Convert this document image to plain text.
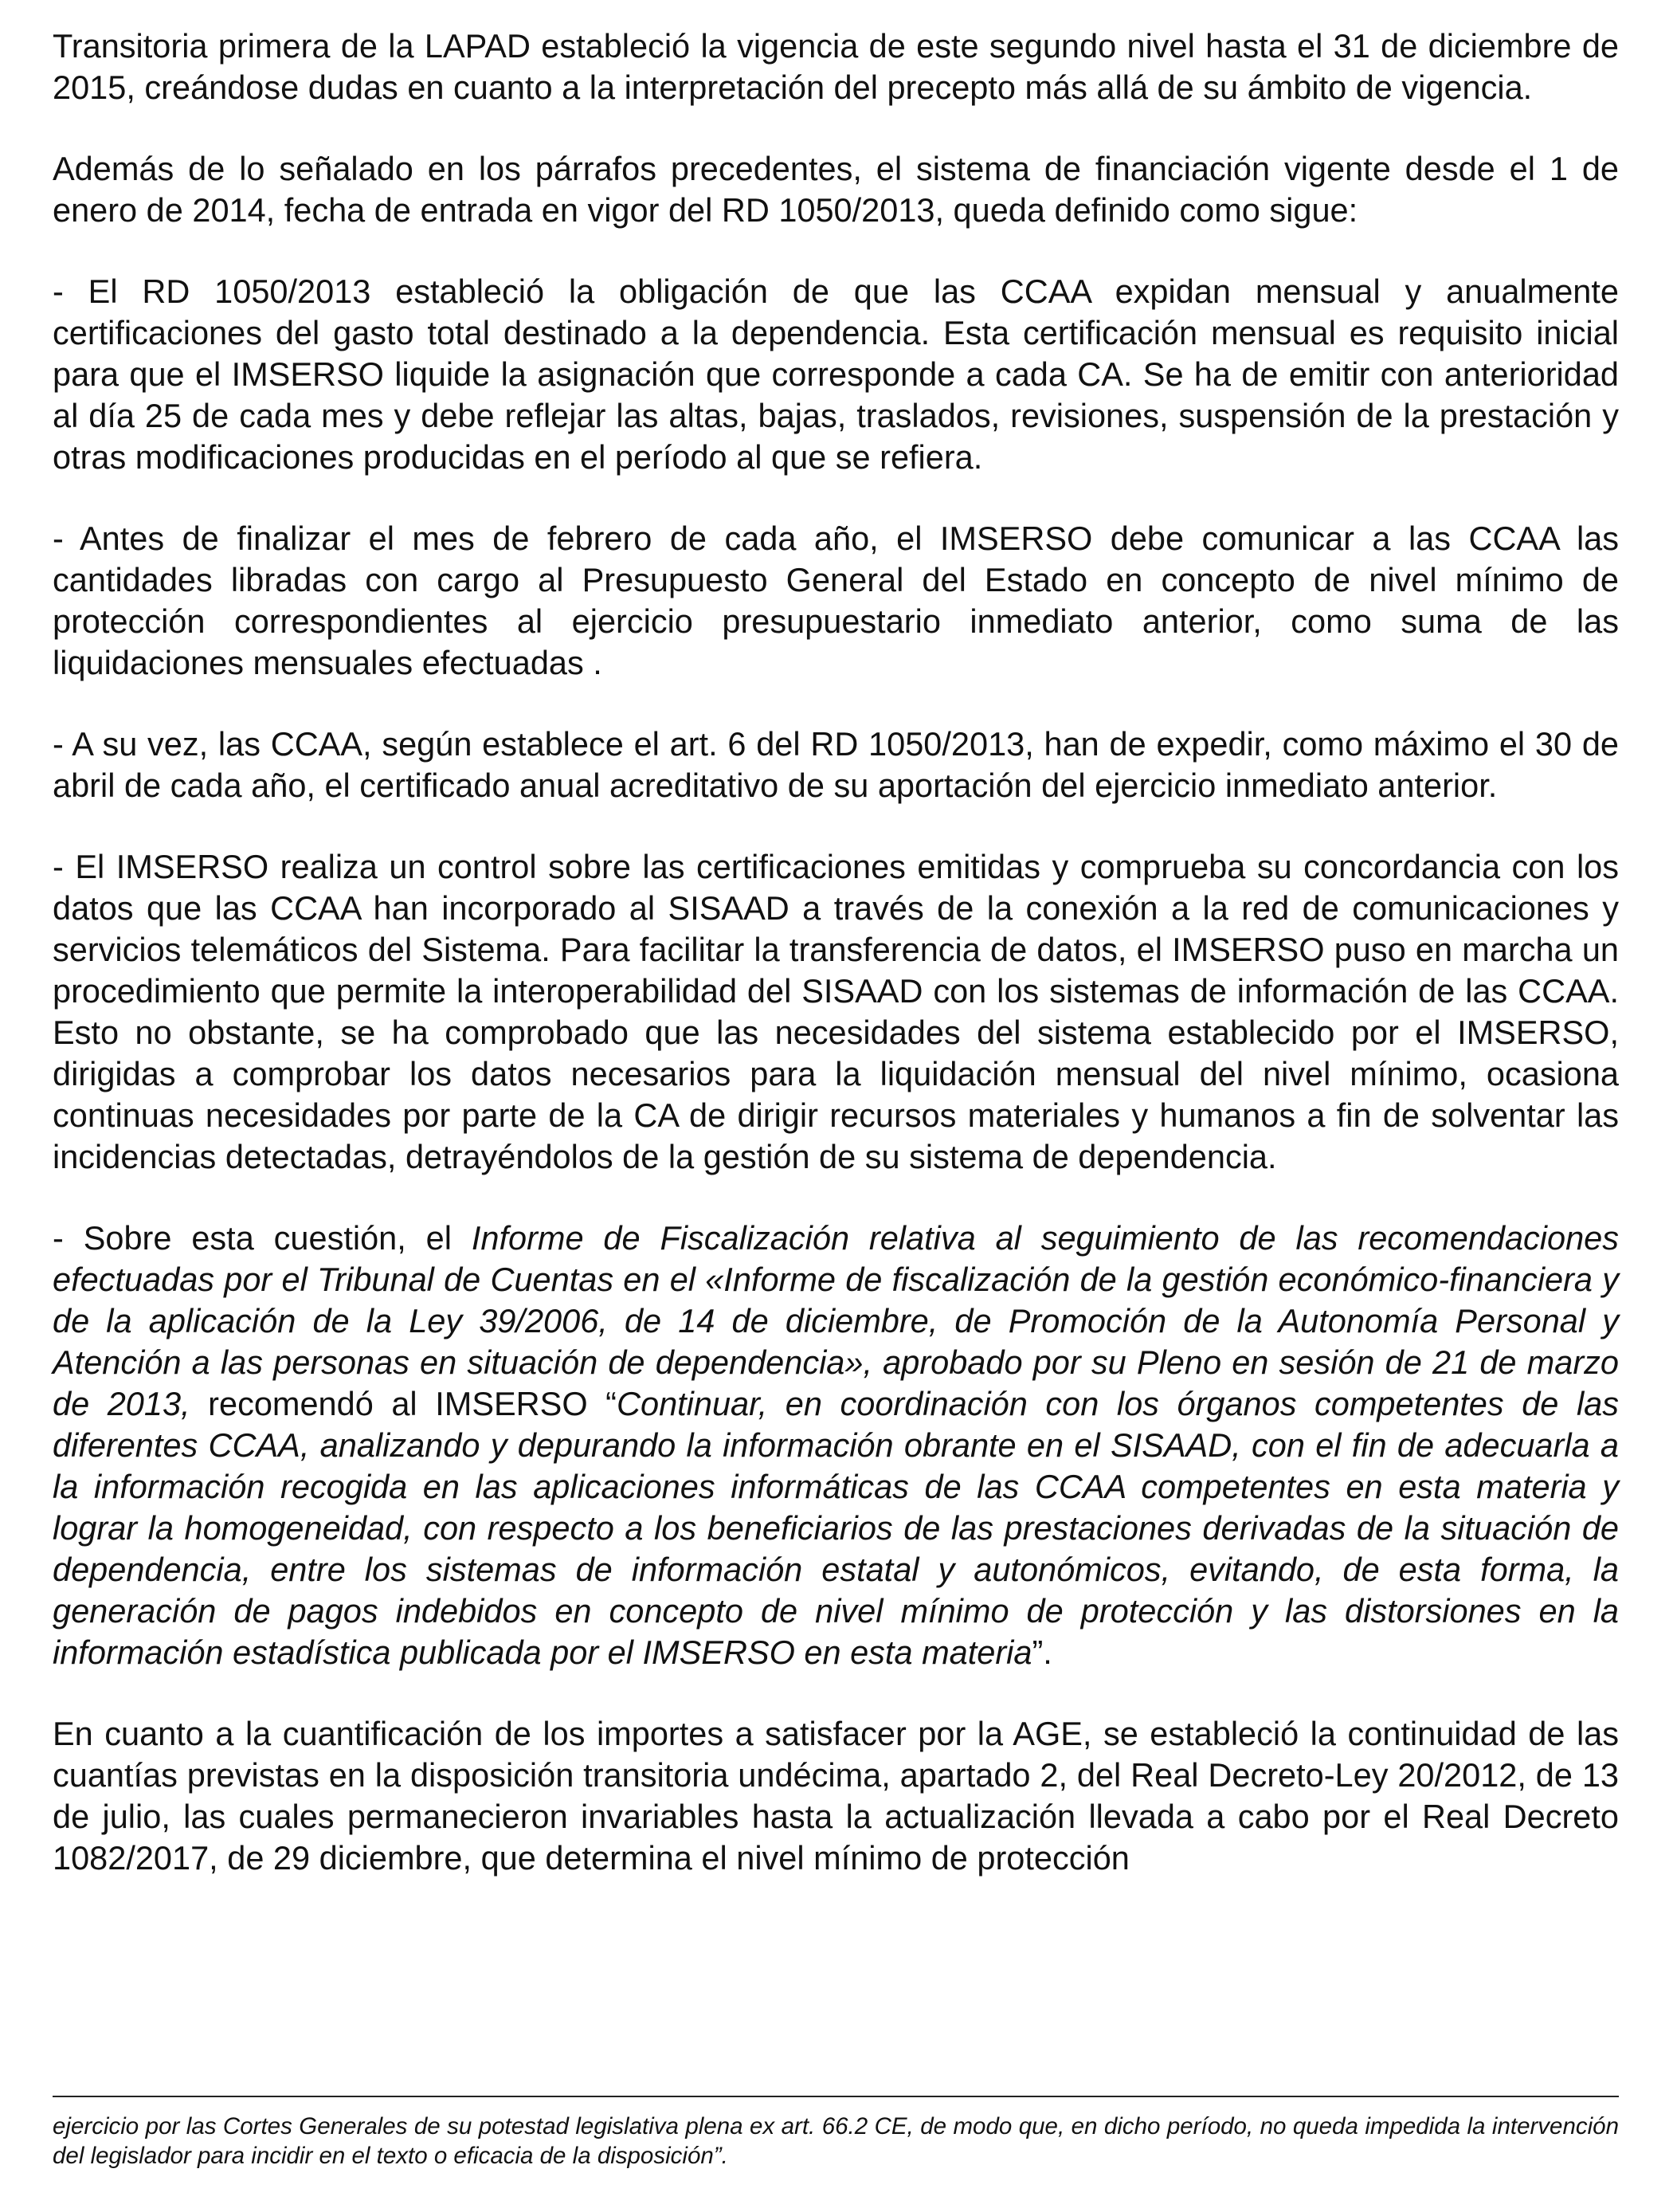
Transitoria primera de la LAPAD estableció la vigencia de este segundo nivel hasta el 31 de diciembre de 2015, creándose dudas en cuanto a la interpretación del precepto más allá de su ámbito de vigencia.

Además de lo señalado en los párrafos precedentes, el sistema de financiación vigente desde el 1 de enero de 2014, fecha de entrada en vigor del RD 1050/2013, queda definido como sigue:

- El RD 1050/2013 estableció la obligación de que las CCAA expidan mensual y anualmente certificaciones del gasto total destinado a la dependencia. Esta certificación mensual es requisito inicial para que el IMSERSO liquide la asignación que corresponde a cada CA. Se ha de emitir con anterioridad al día 25 de cada mes y debe reflejar las altas, bajas, traslados, revisiones, suspensión de la prestación y otras modificaciones producidas en el período al que se refiera.

- Antes de finalizar el mes de febrero de cada año, el IMSERSO debe comunicar a las CCAA las cantidades libradas con cargo al Presupuesto General del Estado en concepto de nivel mínimo de protección correspondientes al ejercicio presupuestario inmediato anterior, como suma de las liquidaciones mensuales efectuadas .

- A su vez, las CCAA, según establece el art. 6 del RD 1050/2013, han de expedir, como máximo el 30 de abril de cada año, el certificado anual acreditativo de su aportación del ejercicio inmediato anterior.

- El IMSERSO realiza un control sobre las certificaciones emitidas y comprueba su concordancia con los datos que las CCAA han incorporado al SISAAD a través de la conexión a la red de comunicaciones y servicios telemáticos del Sistema. Para facilitar la transferencia de datos, el IMSERSO puso en marcha un procedimiento que permite la interoperabilidad del SISAAD con los sistemas de información de las CCAA. Esto no obstante, se ha comprobado que las necesidades del sistema establecido por el IMSERSO, dirigidas a comprobar los datos necesarios para la liquidación mensual del nivel mínimo, ocasiona continuas necesidades por parte de la CA de dirigir recursos materiales y humanos a fin de solventar las incidencias detectadas, detrayéndolos de la gestión de su sistema de dependencia.

- Sobre esta cuestión, el Informe de Fiscalización relativa al seguimiento de las recomendaciones efectuadas por el Tribunal de Cuentas en el «Informe de fiscalización de la gestión económico-financiera y de la aplicación de la Ley 39/2006, de 14 de diciembre, de Promoción de la Autonomía Personal y Atención a las personas en situación de dependencia», aprobado por su Pleno en sesión de 21 de marzo de 2013, recomendó al IMSERSO “Continuar, en coordinación con los órganos competentes de las diferentes CCAA, analizando y depurando la información obrante en el SISAAD, con el fin de adecuarla a la información recogida en las aplicaciones informáticas de las CCAA competentes en esta materia y lograr la homogeneidad, con respecto a los beneficiarios de las prestaciones derivadas de la situación de dependencia, entre los sistemas de información estatal y autonómicos, evitando, de esta forma, la generación de pagos indebidos en concepto de nivel mínimo de protección y las distorsiones en la información estadística publicada por el IMSERSO en esta materia”.

En cuanto a la cuantificación de los importes a satisfacer por la AGE, se estableció la continuidad de las cuantías previstas en la disposición transitoria undécima, apartado 2, del Real Decreto-Ley 20/2012, de 13 de julio, las cuales permanecieron invariables hasta la actualización llevada a cabo por el Real Decreto 1082/2017, de 29 diciembre, que determina el nivel mínimo de protección

ejercicio por las Cortes Generales de su potestad legislativa plena ex art. 66.2 CE, de modo que, en dicho período, no queda impedida la intervención del legislador para incidir en el texto o eficacia de la disposición”.
